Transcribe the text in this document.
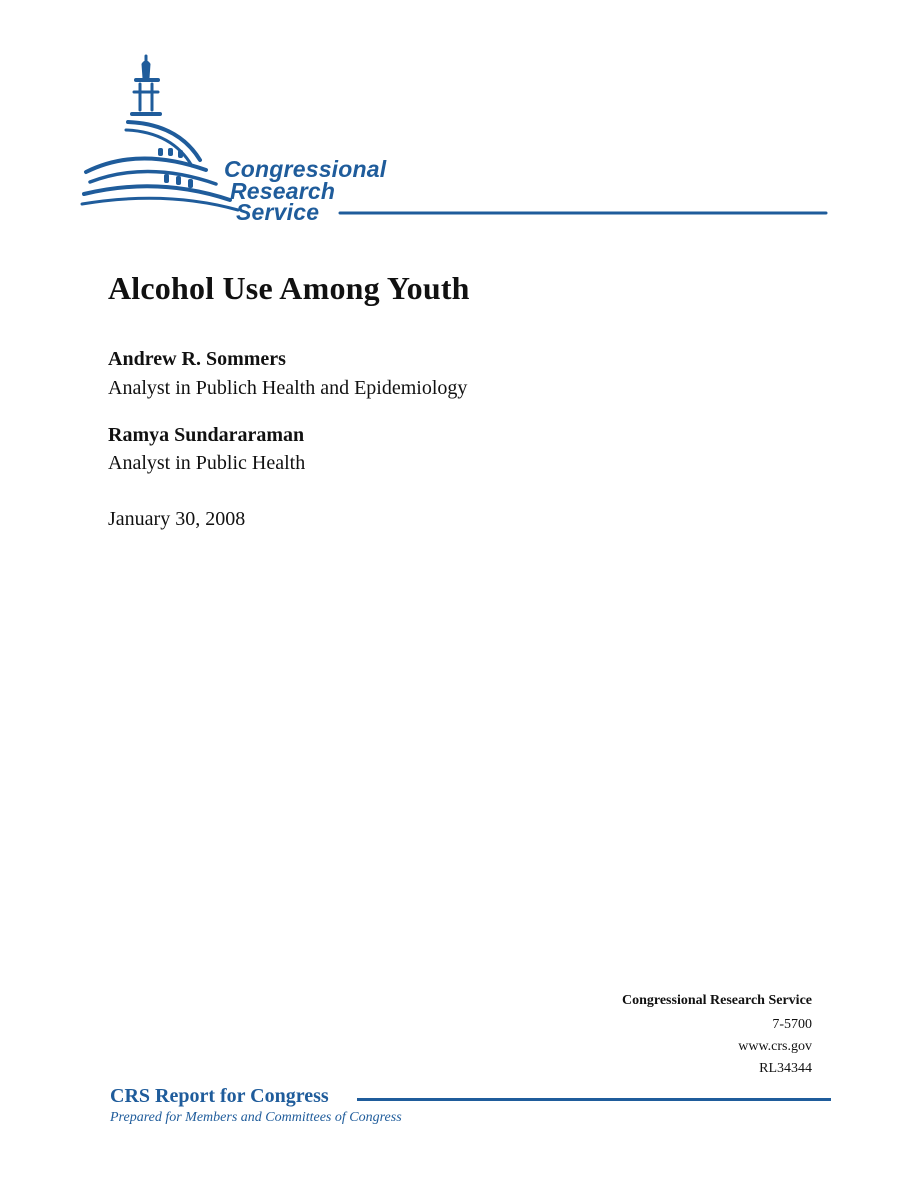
Congressional
Research
Service
Alcohol Use Among Youth
Andrew R. Sommers
Analyst in Publich Health and Epidemiology
Ramya Sundararaman
Analyst in Public Health
January 30, 2008
Congressional Research Service
7-5700
www.crs.gov
RL34344
CRS Report for Congress
Prepared for Members and Committees of Congress
